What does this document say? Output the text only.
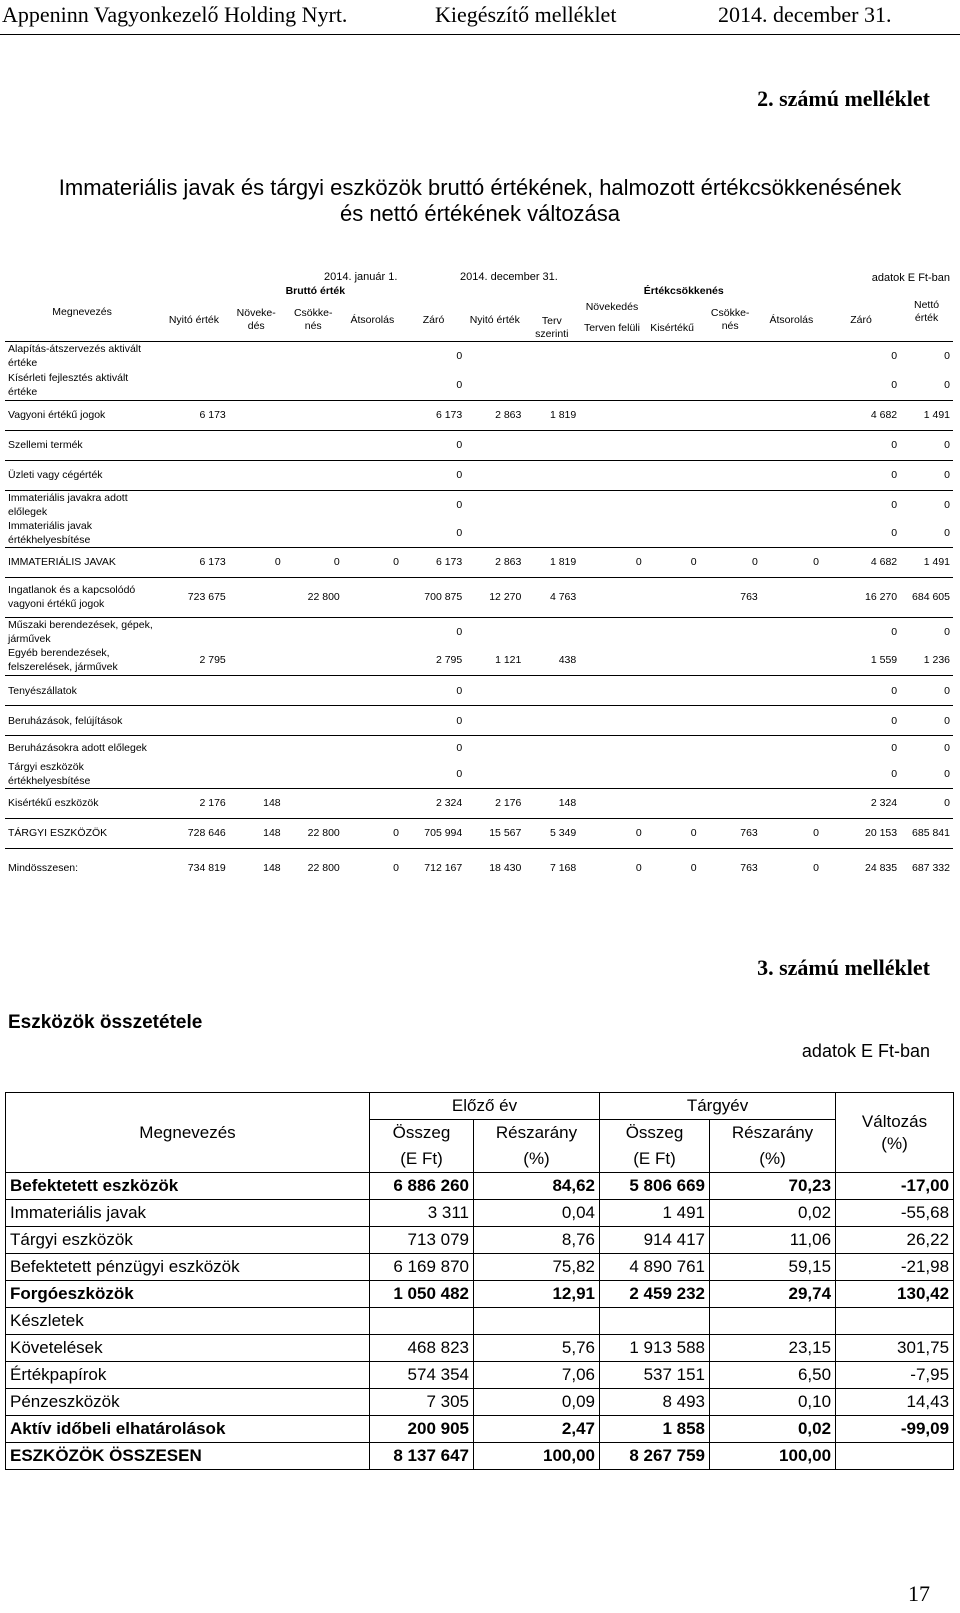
Appeninn Vagyonkezelő Holding Nyrt.	Kiegészítő melléklet	2014. december 31.
2. számú melléklet
Immateriális javak és tárgyi eszközök bruttó értékének, halmozott értékcsökkenésének
és nettó értékének változása
2014. január 1.	2014. december 31.	adatok E Ft-ban
Megnevezés		Bruttó érték					Értékcsökkenés							Nettó érték
	Nyitó érték	Növeke-dés	Csökke-nés	Átsorolás	Záró	Nyitó érték	Növekedés			Csökke-nés	Átsorolás	Záró		
							Terv szerinti	Terven felüli	Kisértékű					
Alapítás-átszervezés aktivált értéke					0								0	0
Kísérleti fejlesztés aktivált értéke					0								0	0
Vagyoni értékű jogok	6 173				6 173	2 863	1 819						4 682	1 491
Szellemi termék					0								0	0
Üzleti vagy cégérték					0								0	0
Immateriális javakra adott előlegek					0								0	0
Immateriális javak értékhelyesbítése					0								0	0
IMMATERIÁLIS JAVAK	6 173	0	0	0	6 173	2 863	1 819	0	0	0	0		4 682	1 491
Ingatlanok és a kapcsolódó vagyoni értékű jogok	723 675		22 800		700 875	12 270	4 763			763			16 270	684 605
Műszaki berendezések, gépek, járművek					0								0	0
Egyéb berendezések, felszerelések, járművek	2 795				2 795	1 121	438						1 559	1 236
Tenyészállatok					0								0	0
Beruházások, felújítások					0								0	0
Beruházásokra adott előlegek					0								0	0
Tárgyi eszközök értékhelyesbítése					0								0	0
Kisértékű eszközök	2 176	148			2 324	2 176	148						2 324	0
TÁRGYI ESZKÖZÖK	728 646	148	22 800	0	705 994	15 567	5 349	0	0	763	0		20 153	685 841
Mindösszesen:	734 819	148	22 800	0	712 167	18 430	7 168	0	0	763	0		24 835	687 332
3. számú melléklet
Eszközök összetétele
adatok E Ft-ban
Megnevezés	Előző év		Tárgyév		Változás
(%)
	Összeg	Részarány	Összeg	Részarány	
	(E Ft)	(%)	(E Ft)	(%)	
Befektetett eszközök	6 886 260	84,62	5 806 669	70,23	-17,00
Immateriális javak	3 311	0,04	1 491	0,02	-55,68
Tárgyi eszközök	713 079	8,76	914 417	11,06	26,22
Befektetett pénzügyi eszközök	6 169 870	75,82	4 890 761	59,15	-21,98
Forgóeszközök	1 050 482	12,91	2 459 232	29,74	130,42
Készletek					
Követelések	468 823	5,76	1 913 588	23,15	301,75
Értékpapírok	574 354	7,06	537 151	6,50	-7,95
Pénzeszközök	7 305	0,09	8 493	0,10	14,43
Aktív időbeli elhatárolások	200 905	2,47	1 858	0,02	-99,09
ESZKÖZÖK ÖSSZESEN	8 137 647	100,00	8 267 759	100,00	
17
